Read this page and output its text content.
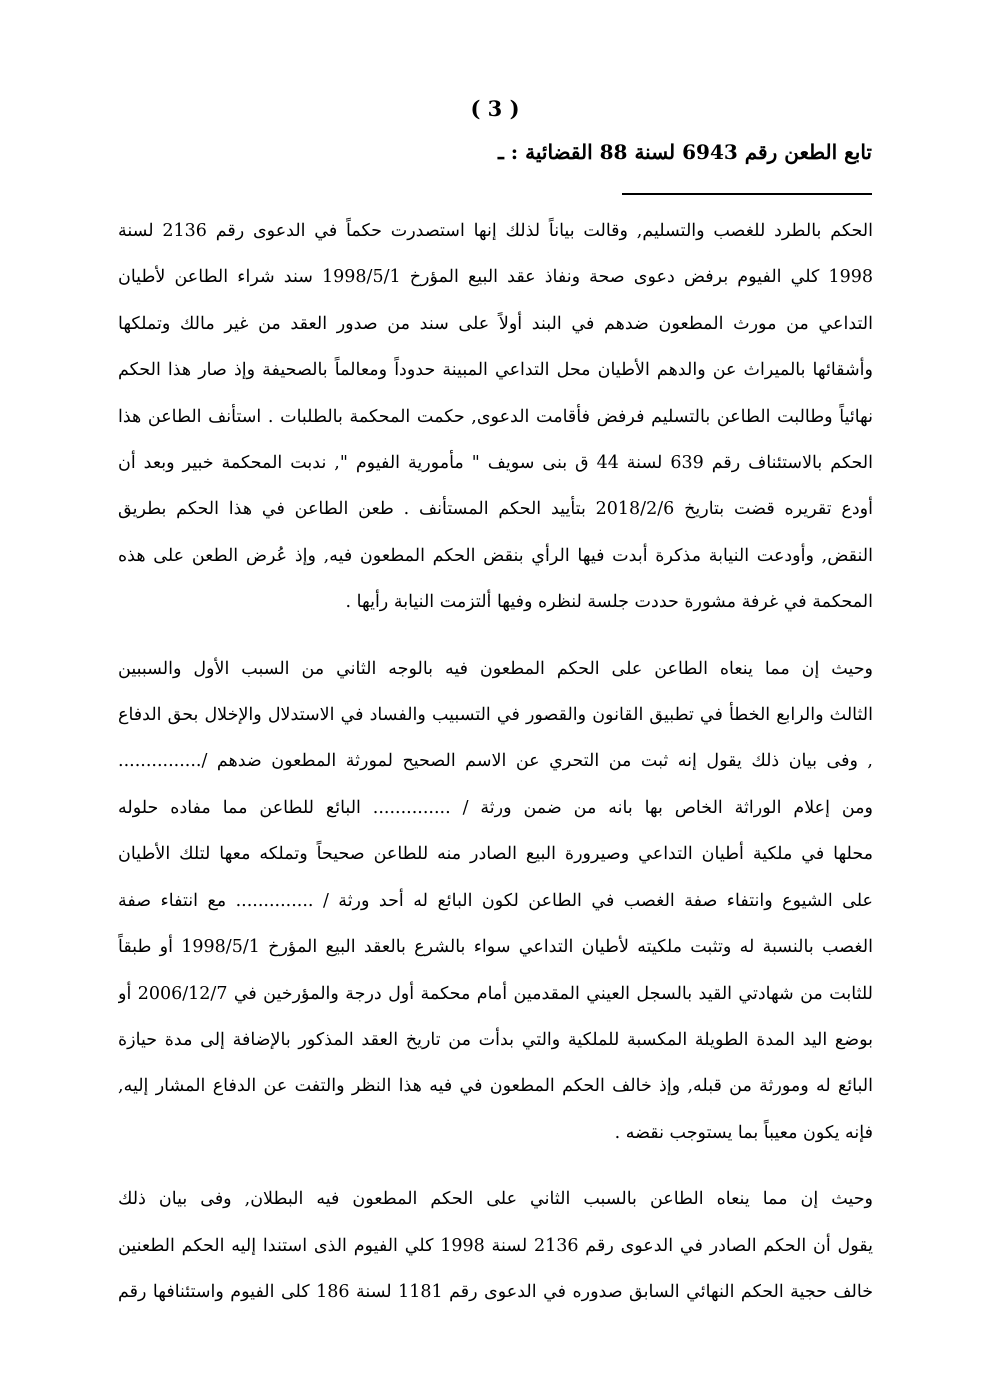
( 3 )
تابع الطعن رقم 6943 لسنة 88 القضائية : ـ
الحكم بالطرد للغصب والتسليم, وقالت بياناً لذلك إنها استصدرت حكماً في الدعوى رقم 2136 لسنة
1998 كلي الفيوم برفض دعوى صحة ونفاذ عقد البيع المؤرخ 1998/5/1 سند شراء الطاعن لأطيان
التداعي من مورث المطعون ضدهم في البند أولاً على سند من صدور العقد من غير مالك وتملكها
وأشقائها بالميراث عن والدهم الأطيان محل التداعي المبينة حدوداً ومعالماً بالصحيفة وإذ صار هذا الحكم
نهائياً وطالبت الطاعن بالتسليم فرفض فأقامت الدعوى, حكمت المحكمة بالطلبات . استأنف الطاعن هذا
الحكم بالاستئناف رقم 639 لسنة 44 ق بنى سويف " مأمورية الفيوم ", ندبت المحكمة خبير وبعد أن
أودع تقريره قضت بتاريخ 2018/2/6 بتأييد الحكم المستأنف . طعن الطاعن في هذا الحكم بطريق
النقض, وأودعت النيابة مذكرة أبدت فيها الرأي بنقض الحكم المطعون فيه, وإذ عُرض الطعن على هذه
المحكمة في غرفة مشورة حددت جلسة لنظره وفيها ألتزمت النيابة رأيها .
وحيث إن مما ينعاه الطاعن على الحكم المطعون فيه بالوجه الثاني من السبب الأول والسببين
الثالث والرابع الخطأ في تطبيق القانون والقصور في التسبيب والفساد في الاستدلال والإخلال بحق الدفاع
, وفى بيان ذلك يقول إنه ثبت من التحري عن الاسم الصحيح لمورثة المطعون ضدهم /...............
ومن إعلام الوراثة الخاص بها بانه من ضمن ورثة / .............. البائع للطاعن مما مفاده حلوله
محلها في ملكية أطيان التداعي وصيرورة البيع الصادر منه للطاعن صحيحاً وتملكه معها لتلك الأطيان
على الشيوع وانتفاء صفة الغصب في الطاعن لكون البائع له أحد ورثة / .............. مع انتفاء صفة
الغصب بالنسبة له وتثبت ملكيته لأطيان التداعي سواء بالشرع بالعقد البيع المؤرخ 1998/5/1 أو طبقاً
للثابت من شهادتي القيد بالسجل العيني المقدمين أمام محكمة أول درجة والمؤرخين في 2006/12/7 أو
بوضع اليد المدة الطويلة المكسبة للملكية والتي بدأت من تاريخ العقد المذكور بالإضافة إلى مدة حيازة
البائع له ومورثة من قبله, وإذ خالف الحكم المطعون في فيه هذا النظر والتفت عن الدفاع المشار إليه,
فإنه يكون معيباً بما يستوجب نقضه .
وحيث إن مما ينعاه الطاعن بالسبب الثاني على الحكم المطعون فيه البطلان, وفى بيان ذلك
يقول أن الحكم الصادر في الدعوى رقم 2136 لسنة 1998 كلي الفيوم الذى استندا إليه الحكم الطعنين
خالف حجية الحكم النهائي السابق صدوره في الدعوى رقم 1181 لسنة 186 كلى الفيوم واستئنافها رقم
